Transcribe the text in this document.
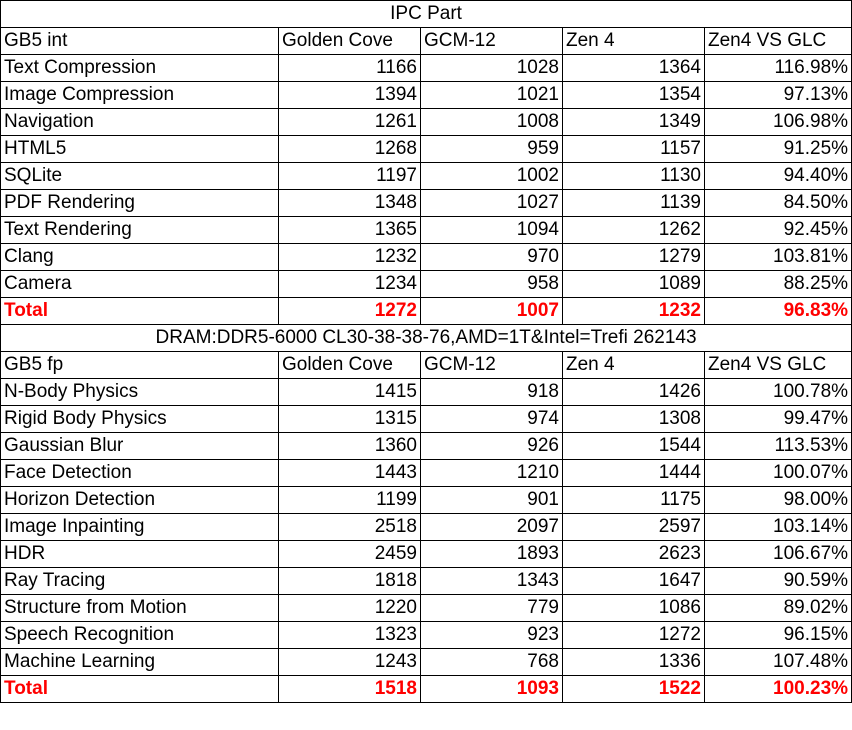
IPC Part				
GB5 int	Golden Cove	GCM-12	Zen 4	Zen4 VS GLC
Text Compression	1166	1028	1364	116.98%
Image Compression	1394	1021	1354	97.13%
Navigation	1261	1008	1349	106.98%
HTML5	1268	959	1157	91.25%
SQLite	1197	1002	1130	94.40%
PDF Rendering	1348	1027	1139	84.50%
Text Rendering	1365	1094	1262	92.45%
Clang	1232	970	1279	103.81%
Camera	1234	958	1089	88.25%
Total	1272	1007	1232	96.83%
DRAM:DDR5-6000 CL30-38-38-76,AMD=1T&Intel=Trefi 262143				
GB5 fp	Golden Cove	GCM-12	Zen 4	Zen4 VS GLC
N-Body Physics	1415	918	1426	100.78%
Rigid Body Physics	1315	974	1308	99.47%
Gaussian Blur	1360	926	1544	113.53%
Face Detection	1443	1210	1444	100.07%
Horizon Detection	1199	901	1175	98.00%
Image Inpainting	2518	2097	2597	103.14%
HDR	2459	1893	2623	106.67%
Ray Tracing	1818	1343	1647	90.59%
Structure from Motion	1220	779	1086	89.02%
Speech Recognition	1323	923	1272	96.15%
Machine Learning	1243	768	1336	107.48%
Total	1518	1093	1522	100.23%
